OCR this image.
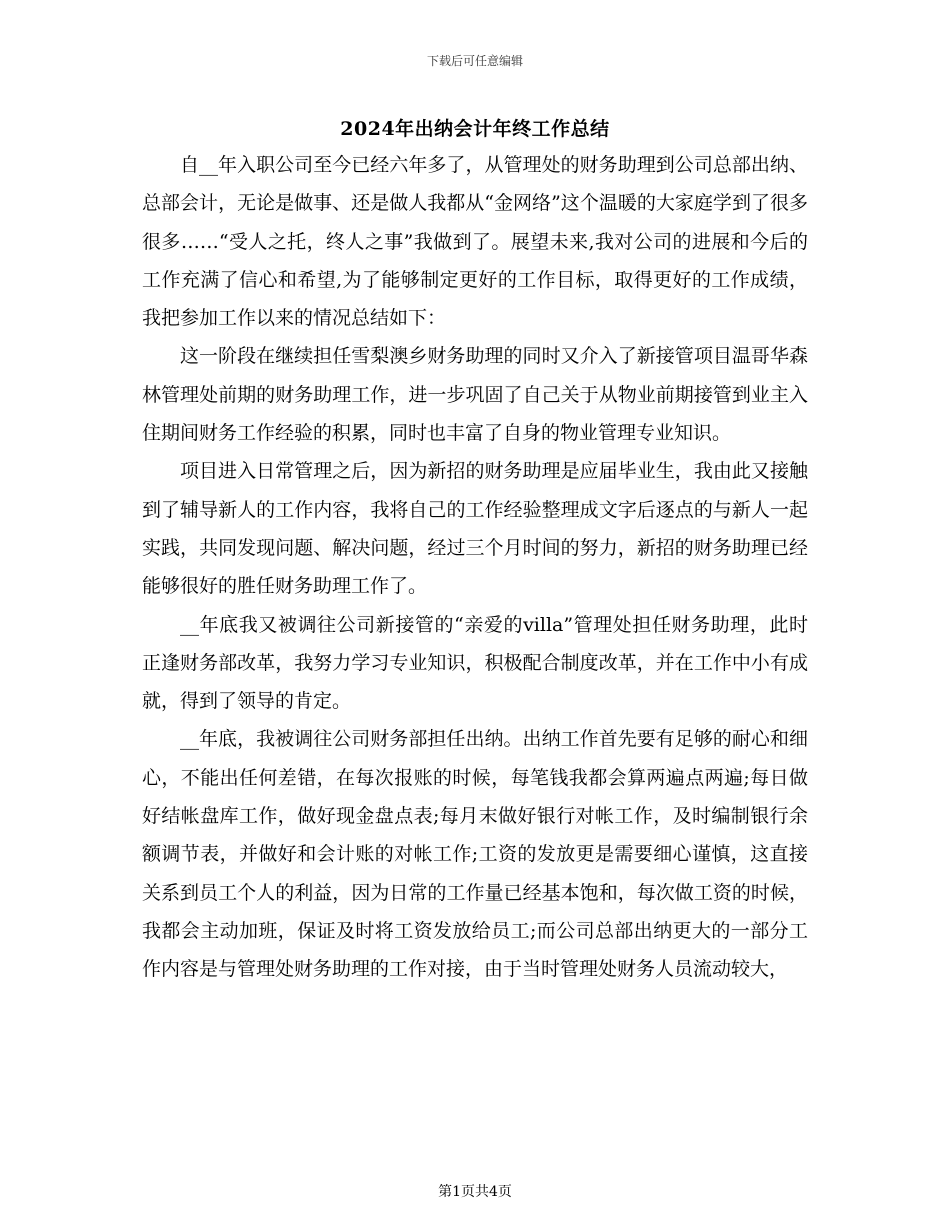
下载后可任意编辑
2024年出纳会计年终工作总结

自__年入职公司至今已经六年多了，从管理处的财务助理到公司总部出纳、总部会计，无论是做事、还是做人我都从“金网络”这个温暖的大家庭学到了很多很多……“受人之托，终人之事”我做到了。展望未来,我对公司的进展和今后的工作充满了信心和希望,为了能够制定更好的工作目标，取得更好的工作成绩，我把参加工作以来的情况总结如下：

这一阶段在继续担任雪梨澳乡财务助理的同时又介入了新接管项目温哥华森林管理处前期的财务助理工作，进一步巩固了自己关于从物业前期接管到业主入住期间财务工作经验的积累，同时也丰富了自身的物业管理专业知识。

项目进入日常管理之后，因为新招的财务助理是应届毕业生，我由此又接触到了辅导新人的工作内容，我将自己的工作经验整理成文字后逐点的与新人一起实践，共同发现问题、解决问题，经过三个月时间的努力，新招的财务助理已经能够很好的胜任财务助理工作了。

__年底我又被调往公司新接管的“亲爱的villa”管理处担任财务助理，此时正逢财务部改革，我努力学习专业知识，积极配合制度改革，并在工作中小有成就，得到了领导的肯定。

__年底，我被调往公司财务部担任出纳。出纳工作首先要有足够的耐心和细心，不能出任何差错，在每次报账的时候，每笔钱我都会算两遍点两遍;每日做好结帐盘库工作，做好现金盘点表;每月末做好银行对帐工作，及时编制银行余额调节表，并做好和会计账的对帐工作;工资的发放更是需要细心谨慎，这直接关系到员工个人的利益，因为日常的工作量已经基本饱和，每次做工资的时候，我都会主动加班，保证及时将工资发放给员工;而公司总部出纳更大的一部分工作内容是与管理处财务助理的工作对接，由于当时管理处财务人员流动较大，

第1页共4页
